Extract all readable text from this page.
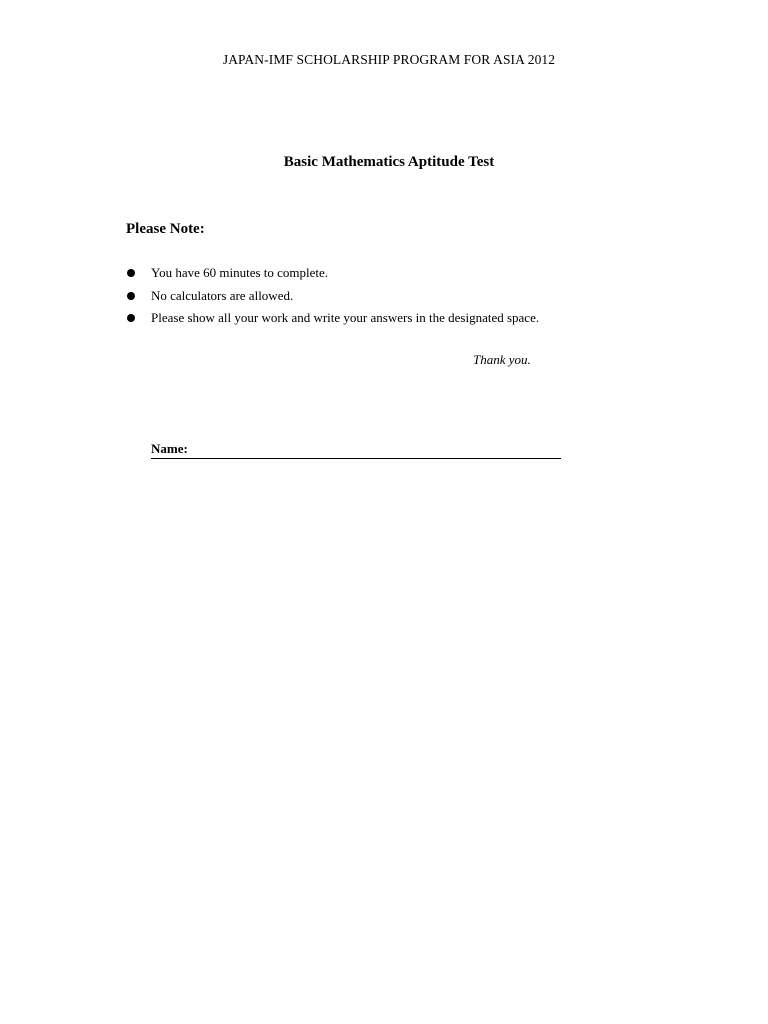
JAPAN-IMF SCHOLARSHIP PROGRAM FOR ASIA 2012
Basic Mathematics Aptitude Test
Please Note:
You have 60 minutes to complete.
No calculators are allowed.
Please show all your work and write your answers in the designated space.
Thank you.
Name:
